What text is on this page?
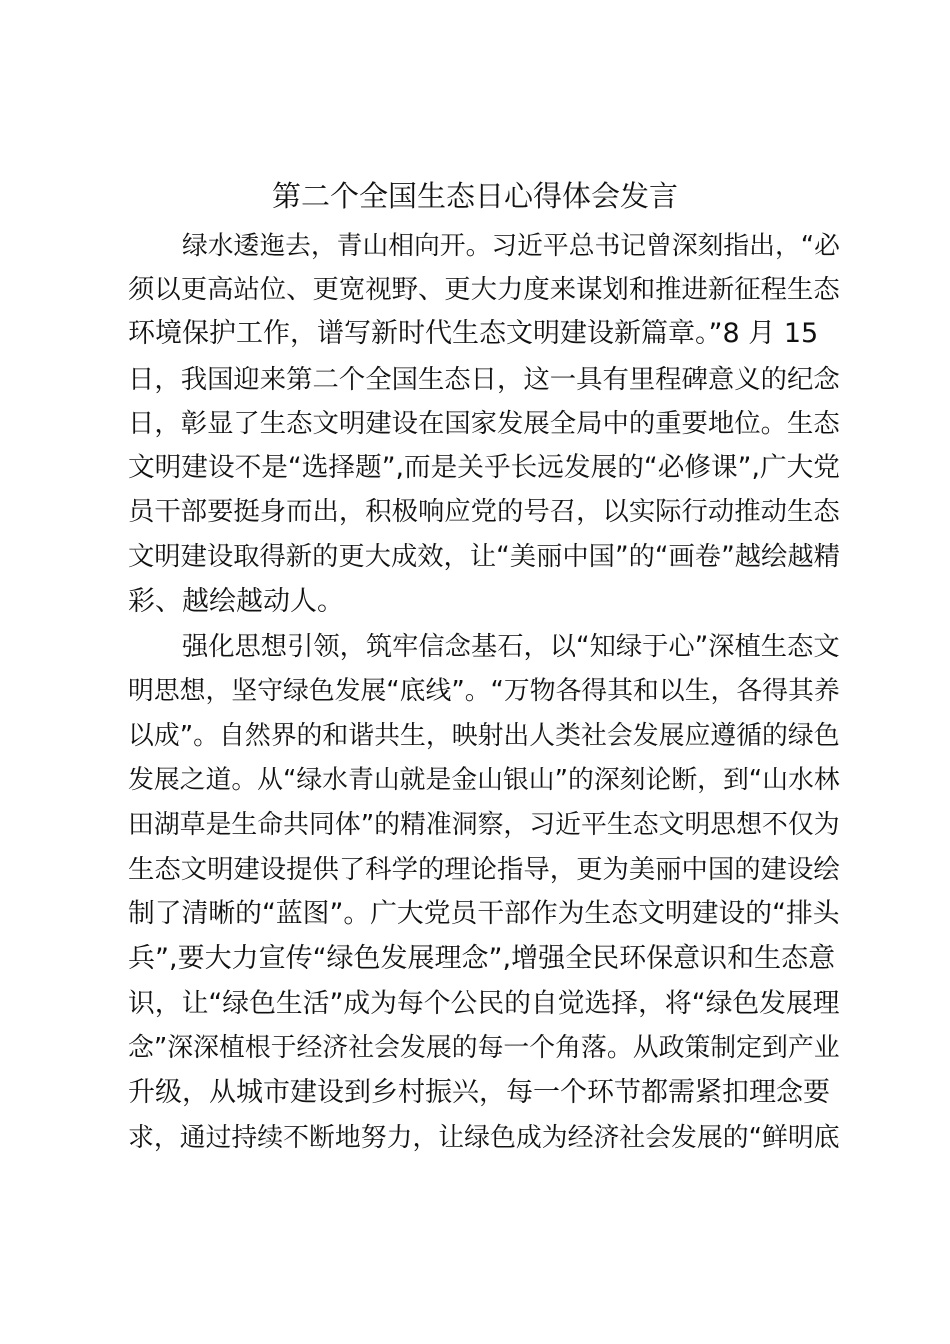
第二个全国生态日心得体会发言
绿水逶迤去，青山相向开。习近平总书记曾深刻指出，“必
须以更高站位、更宽视野、更大力度来谋划和推进新征程生态
环境保护工作，谱写新时代生态文明建设新篇章。”8 月 15
日，我国迎来第二个全国生态日，这一具有里程碑意义的纪念
日，彰显了生态文明建设在国家发展全局中的重要地位。生态
文明建设不是“选择题”,而是关乎长远发展的“必修课”,广大党
员干部要挺身而出，积极响应党的号召，以实际行动推动生态
文明建设取得新的更大成效，让“美丽中国”的“画卷”越绘越精
彩、越绘越动人。
强化思想引领，筑牢信念基石，以“知绿于心”深植生态文
明思想，坚守绿色发展“底线”。“万物各得其和以生，各得其养
以成”。自然界的和谐共生，映射出人类社会发展应遵循的绿色
发展之道。从“绿水青山就是金山银山”的深刻论断，到“山水林
田湖草是生命共同体”的精准洞察，习近平生态文明思想不仅为
生态文明建设提供了科学的理论指导，更为美丽中国的建设绘
制了清晰的“蓝图”。广大党员干部作为生态文明建设的“排头
兵”,要大力宣传“绿色发展理念”,增强全民环保意识和生态意
识，让“绿色生活”成为每个公民的自觉选择，将“绿色发展理
念”深深植根于经济社会发展的每一个角落。从政策制定到产业
升级，从城市建设到乡村振兴，每一个环节都需紧扣理念要
求，通过持续不断地努力，让绿色成为经济社会发展的“鲜明底
